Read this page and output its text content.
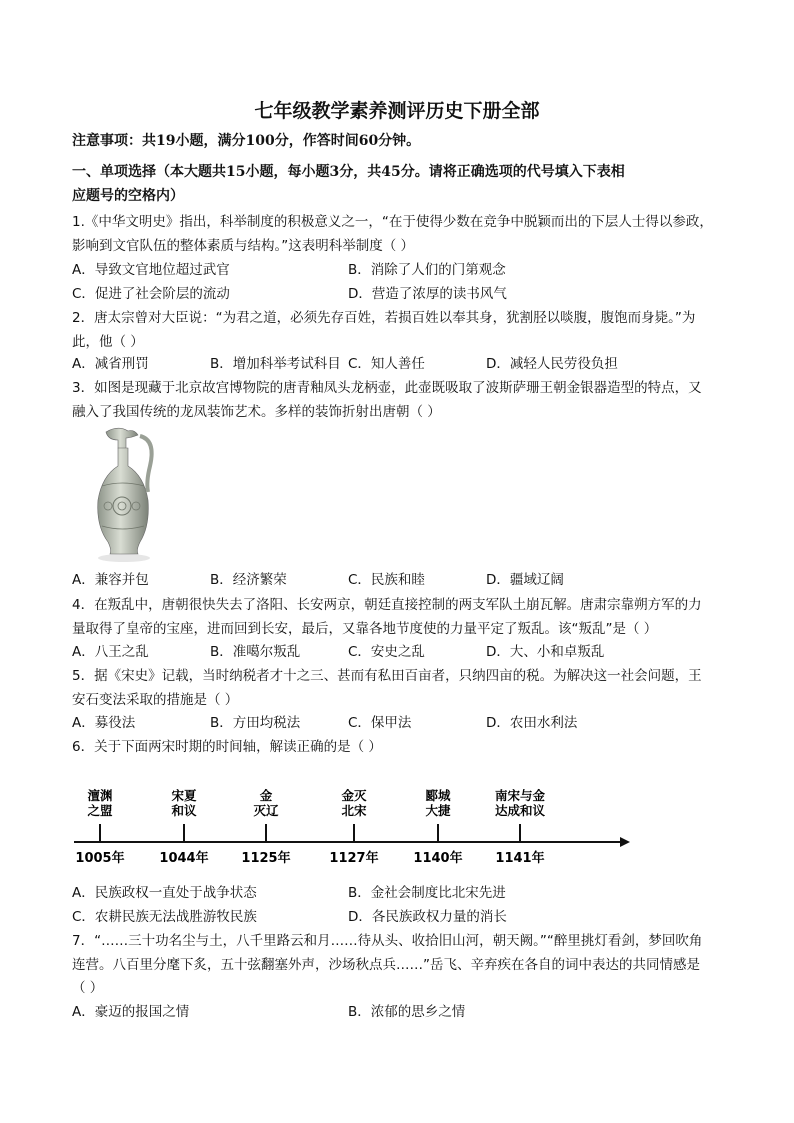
七年级教学素养测评历史下册全部
注意事项：共19小题，满分100分，作答时间60分钟。
一、单项选择（本大题共15小题，每小题3分，共45分。请将正确选项的代号填入下表相
应题号的空格内）
1.《中华文明史》指出，科举制度的积极意义之一，“在于使得少数在竞争中脱颖而出的下层人士得以参政，
影响到文官队伍的整体素质与结构。”这表明科举制度（ ）
A．导致文官地位超过武官	B．消除了人们的门第观念
C．促进了社会阶层的流动	D．营造了浓厚的读书风气
2．唐太宗曾对大臣说：“为君之道，必须先存百姓，若损百姓以奉其身，犹割胫以啖腹，腹饱而身毙。”为
此，他（ ）
A．减省刑罚	B．增加科举考试科目 C．知人善任	D．减轻人民劳役负担
3．如图是现藏于北京故宫博物院的唐青釉凤头龙柄壶，此壶既吸取了波斯萨珊王朝金银器造型的特点，又
融入了我国传统的龙凤装饰艺术。多样的装饰折射出唐朝（ ）
A．兼容并包	B．经济繁荣	C．民族和睦	D．疆域辽阔
4．在叛乱中，唐朝很快失去了洛阳、长安两京，朝廷直接控制的两支军队土崩瓦解。唐肃宗靠朔方军的力
量取得了皇帝的宝座，进而回到长安，最后，又靠各地节度使的力量平定了叛乱。该“叛乱”是（ ）
A．八王之乱	B．准噶尔叛乱	C．安史之乱	D．大、小和卓叛乱
5．据《宋史》记载，当时纳税者才十之三、甚而有私田百亩者，只纳四亩的税。为解决这一社会问题，王
安石变法采取的措施是（ ）
A．募役法	B．方田均税法	C．保甲法	D．农田水利法
6．关于下面两宋时期的时间轴，解读正确的是（ ）
澶渊
之盟
1005年
宋夏
和议
1044年
金
灭辽
1125年
金灭
北宋
1127年
郾城
大捷
1140年
南宋与金
达成和议
1141年
A．民族政权一直处于战争状态	B．金社会制度比北宋先进
C．农耕民族无法战胜游牧民族	D．各民族政权力量的消长
7．“……三十功名尘与土，八千里路云和月……待从头、收拾旧山河，朝天阙。”“醉里挑灯看剑，梦回吹角
连营。八百里分麾下炙，五十弦翻塞外声，沙场秋点兵……”岳飞、辛弃疾在各自的词中表达的共同情感是
（ ）
A．豪迈的报国之情	B．浓郁的思乡之情
